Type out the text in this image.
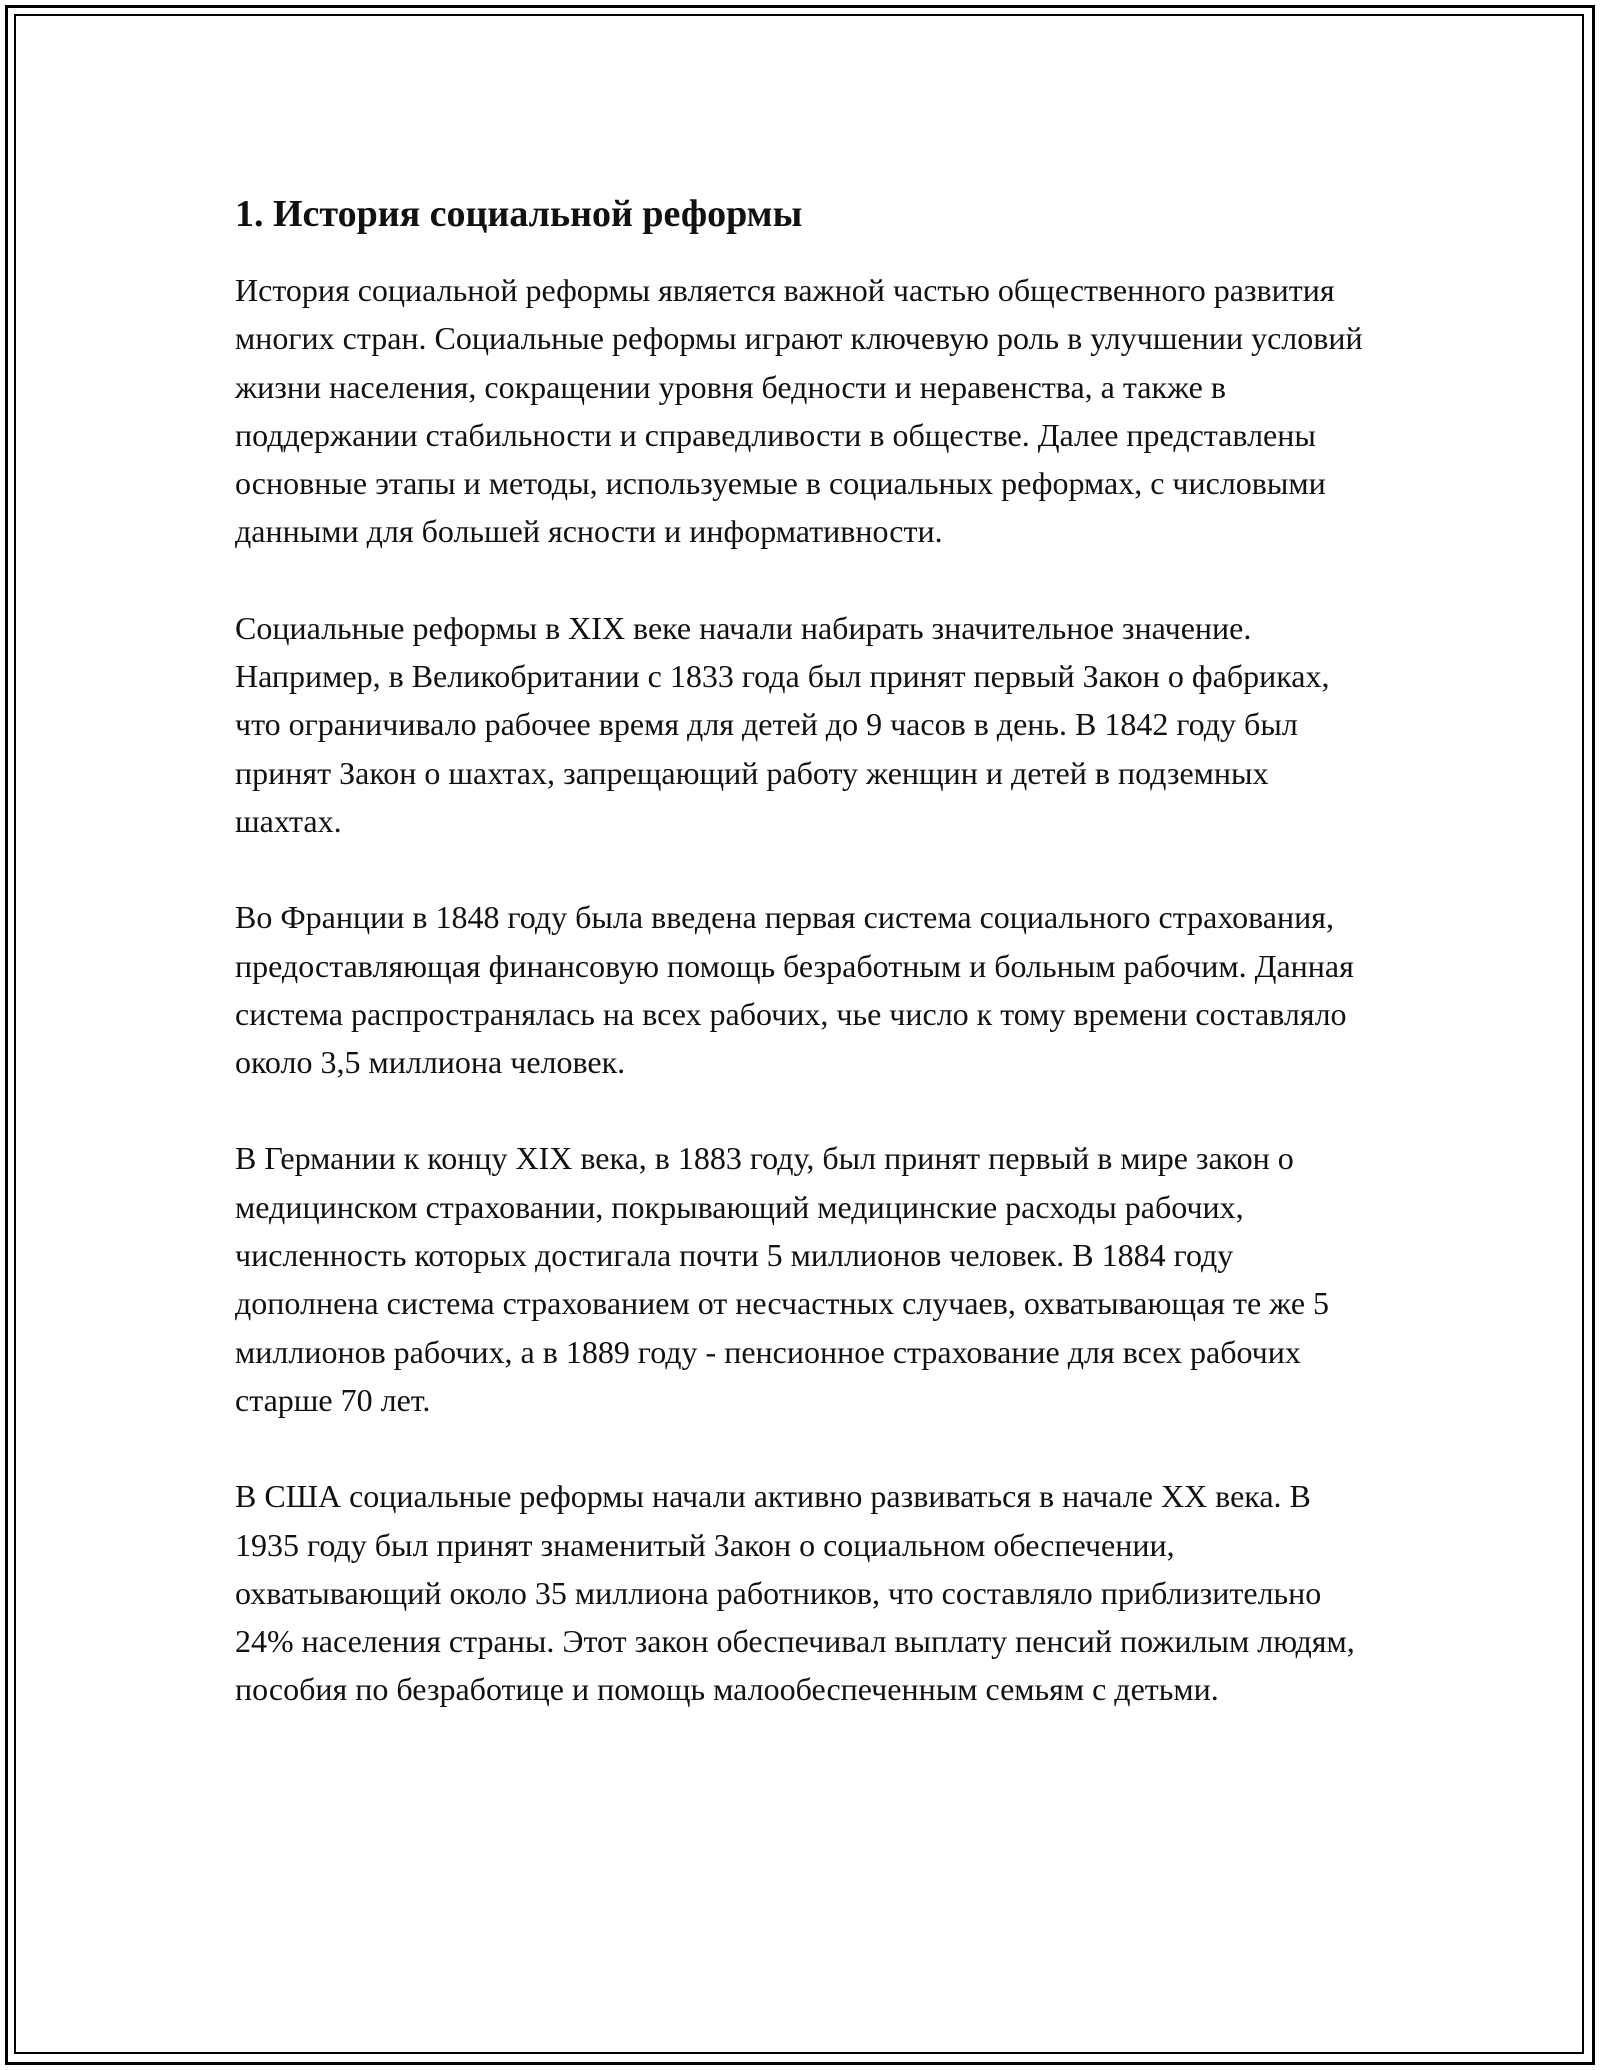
1. История социальной реформы

История социальной реформы является важной частью общественного развития многих стран. Социальные реформы играют ключевую роль в улучшении условий жизни населения, сокращении уровня бедности и неравенства, а также в поддержании стабильности и справедливости в обществе. Далее представлены основные этапы и методы, используемые в социальных реформах, с числовыми данными для большей ясности и информативности.

Социальные реформы в XIX веке начали набирать значительное значение. Например, в Великобритании с 1833 года был принят первый Закон о фабриках, что ограничивало рабочее время для детей до 9 часов в день. В 1842 году был принят Закон о шахтах, запрещающий работу женщин и детей в подземных шахтах.

Во Франции в 1848 году была введена первая система социального страхования, предоставляющая финансовую помощь безработным и больным рабочим. Данная система распространялась на всех рабочих, чье число к тому времени составляло около 3,5 миллиона человек.

В Германии к концу XIX века, в 1883 году, был принят первый в мире закон о медицинском страховании, покрывающий медицинские расходы рабочих, численность которых достигала почти 5 миллионов человек. В 1884 году дополнена система страхованием от несчастных случаев, охватывающая те же 5 миллионов рабочих, а в 1889 году - пенсионное страхование для всех рабочих старше 70 лет.

В США социальные реформы начали активно развиваться в начале XX века. В 1935 году был принят знаменитый Закон о социальном обеспечении, охватывающий около 35 миллиона работников, что составляло приблизительно 24% населения страны. Этот закон обеспечивал выплату пенсий пожилым людям, пособия по безработице и помощь малообеспеченным семьям с детьми.
